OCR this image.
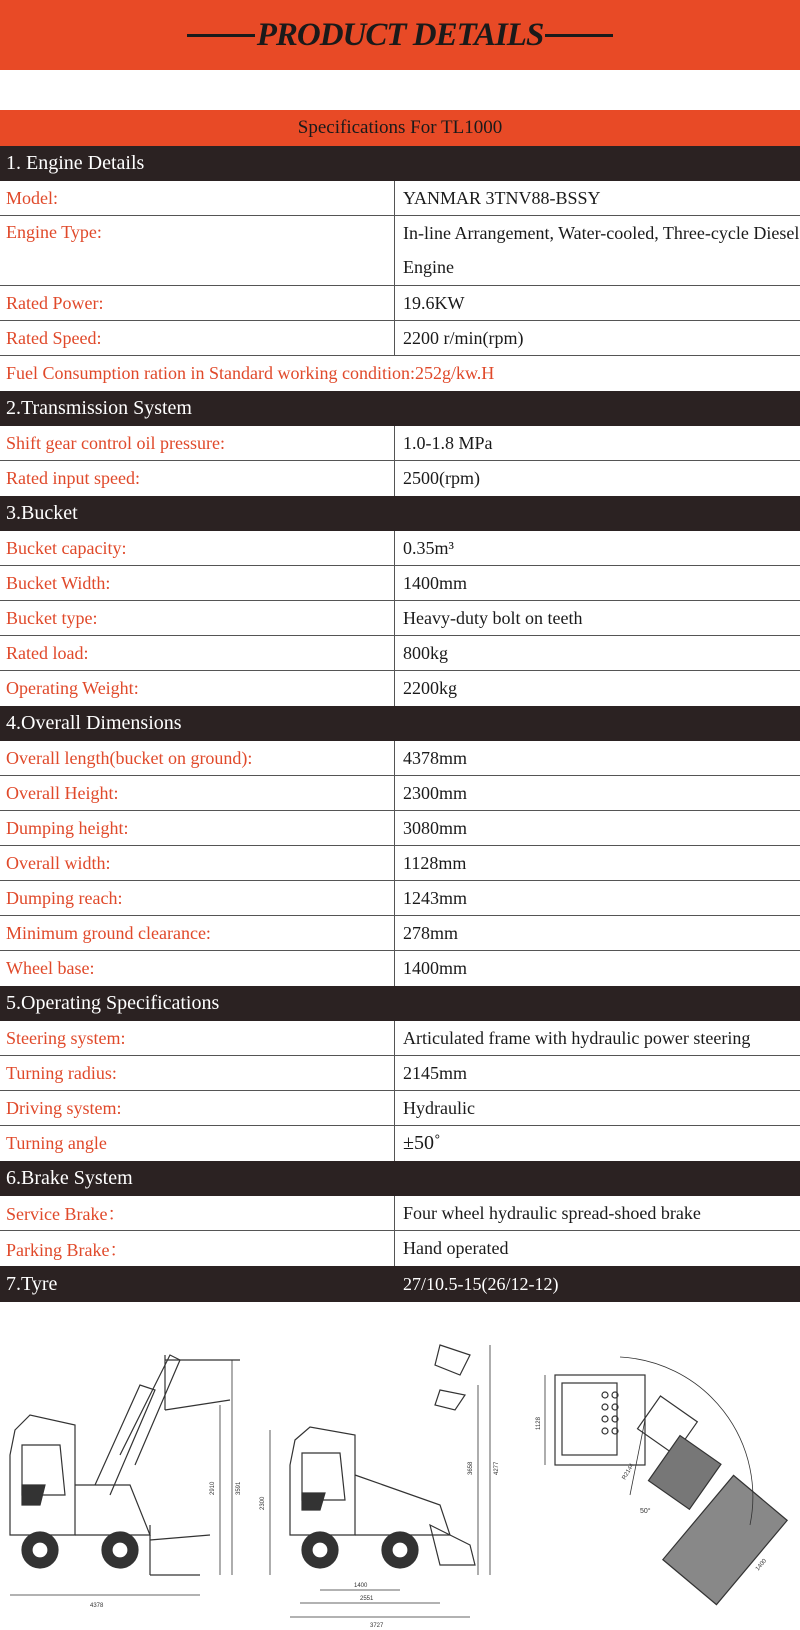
PRODUCT DETAILS
Specifications For TL1000
1. Engine Details
Model:	YANMAR 3TNV88-BSSY
Engine Type:	In-line Arrangement, Water-cooled, Three-cycle Diesel Engine
Rated Power:	19.6KW
Rated Speed:	2200 r/min(rpm)
Fuel Consumption ration in Standard working condition:252g/kw.H
2.Transmission System
Shift gear control oil pressure:	1.0-1.8 MPa
Rated input speed:	2500(rpm)
3.Bucket
Bucket capacity:	0.35m³
Bucket Width:	1400mm
Bucket type:	Heavy-duty bolt on teeth
Rated load:	800kg
Operating Weight:	2200kg
4.Overall Dimensions
Overall length(bucket on ground):	4378mm
Overall Height:	2300mm
Dumping height:	3080mm
Overall width:	1128mm
Dumping reach:	1243mm
Minimum ground clearance:	278mm
Wheel base:	1400mm
5.Operating Specifications
Steering system:	Articulated frame with hydraulic power steering
Turning radius:	2145mm
Driving system:	Hydraulic
Turning angle	±50˚
6.Brake System
Service Brake：	Four wheel hydraulic spread-shoed brake
Parking Brake：	Hand operated
7.Tyre	27/10.5-15(26/12-12)
4378
2910	3591
2300
3658	4277
1400
2551
3727
1128
R2144
50°
1400
